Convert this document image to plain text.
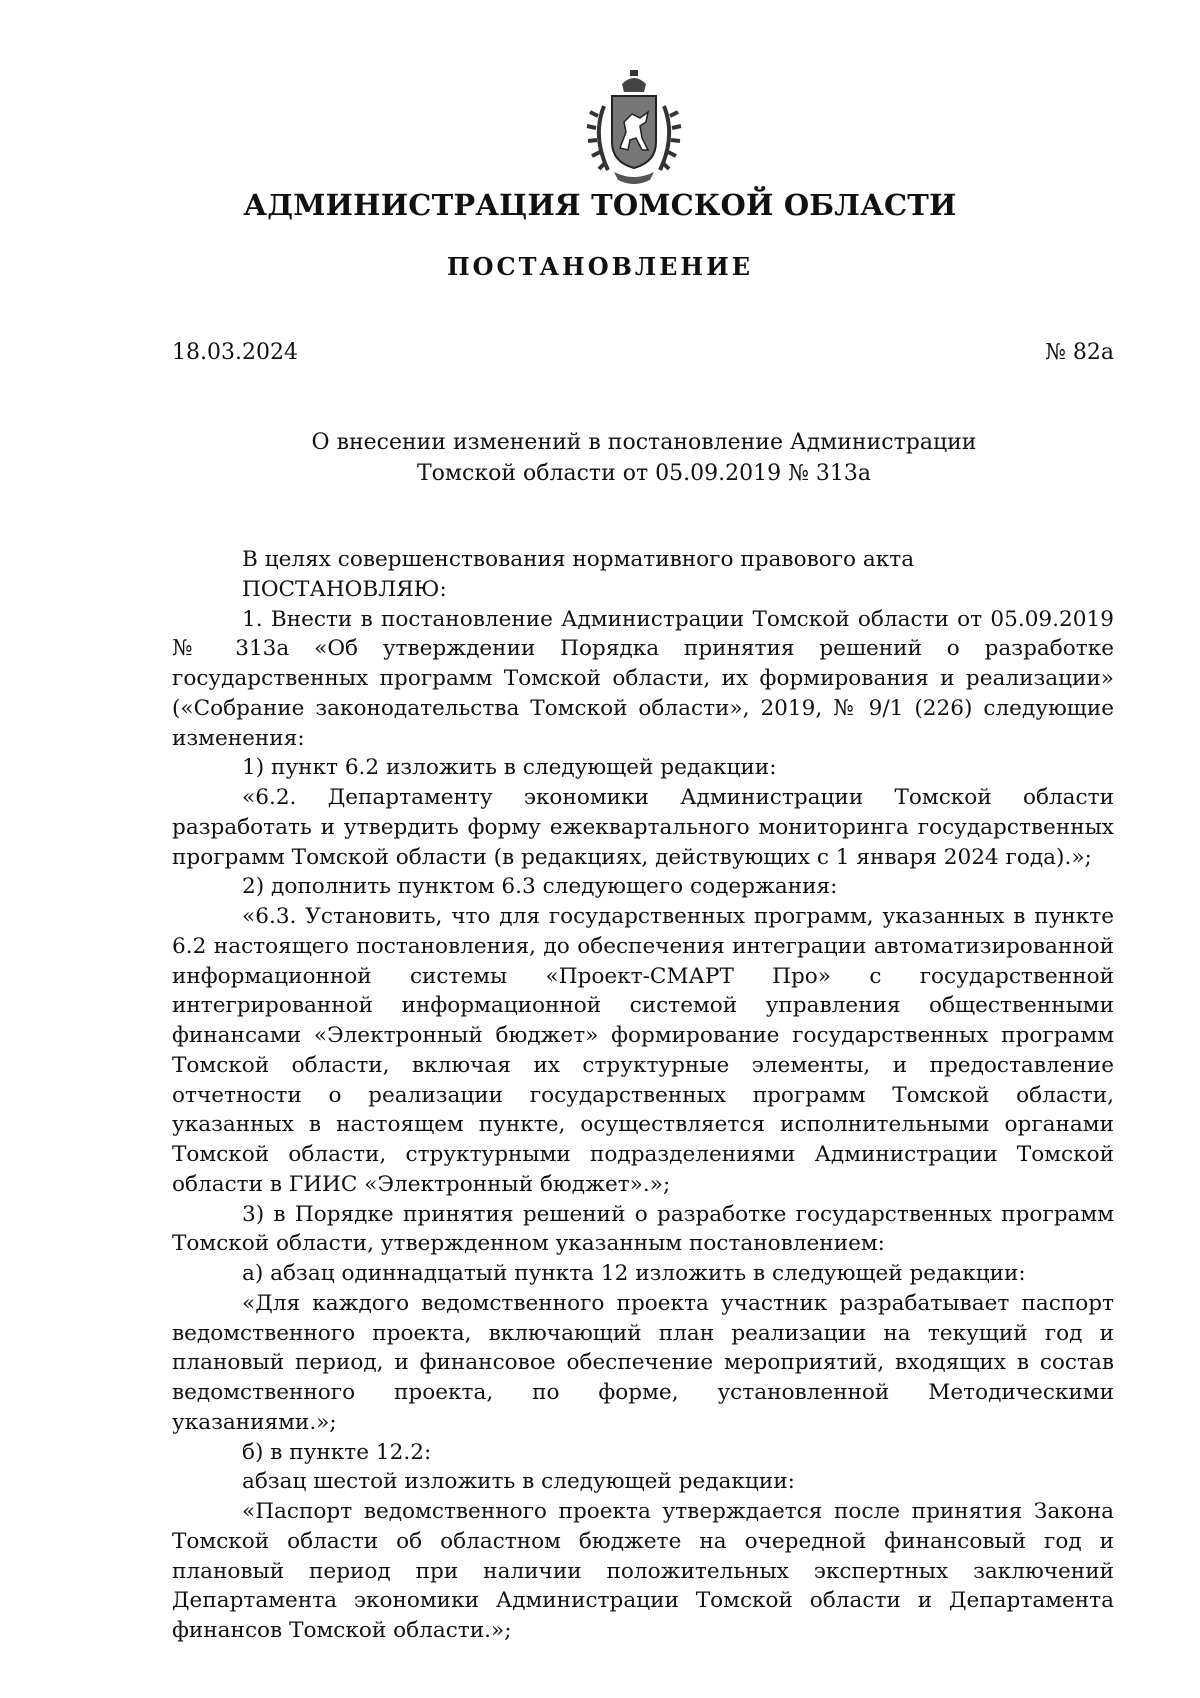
АДМИНИСТРАЦИЯ ТОМСКОЙ ОБЛАСТИ
ПОСТАНОВЛЕНИЕ
18.03.2024	№ 82а
О внесении изменений в постановление Администрации
Томской области от 05.09.2019 № 313а

В целях совершенствования нормативного правового акта

ПОСТАНОВЛЯЮ:

1. Внести в постановление Администрации Томской области от 05.09.2019 № 313а «Об утверждении Порядка принятия решений о разработке государственных программ Томской области, их формирования и реализации» («Собрание законодательства Томской области», 2019, № 9/1 (226) следующие изменения:

1) пункт 6.2 изложить в следующей редакции:

«6.2. Департаменту экономики Администрации Томской области разработать и утвердить форму ежеквартального мониторинга государственных программ Томской области (в редакциях, действующих с 1 января 2024 года).»;

2) дополнить пунктом 6.3 следующего содержания:

«6.3. Установить, что для государственных программ, указанных в пункте 6.2 настоящего постановления, до обеспечения интеграции автоматизированной информационной системы «Проект-СМАРТ Про» с государственной интегрированной информационной системой управления общественными финансами «Электронный бюджет» формирование государственных программ Томской области, включая их структурные элементы, и предоставление отчетности о реализации государственных программ Томской области, указанных в настоящем пункте, осуществляется исполнительными органами Томской области, структурными подразделениями Администрации Томской области в ГИИС «Электронный бюджет».»;

3) в Порядке принятия решений о разработке государственных программ Томской области, утвержденном указанным постановлением:

а) абзац одиннадцатый пункта 12 изложить в следующей редакции:

«Для каждого ведомственного проекта участник разрабатывает паспорт ведомственного проекта, включающий план реализации на текущий год и плановый период, и финансовое обеспечение мероприятий, входящих в состав ведомственного проекта, по форме, установленной Методическими указаниями.»;

б) в пункте 12.2:

абзац шестой изложить в следующей редакции:

«Паспорт ведомственного проекта утверждается после принятия Закона Томской области об областном бюджете на очередной финансовый год и плановый период при наличии положительных экспертных заключений Департамента экономики Администрации Томской области и Департамента финансов Томской области.»;
